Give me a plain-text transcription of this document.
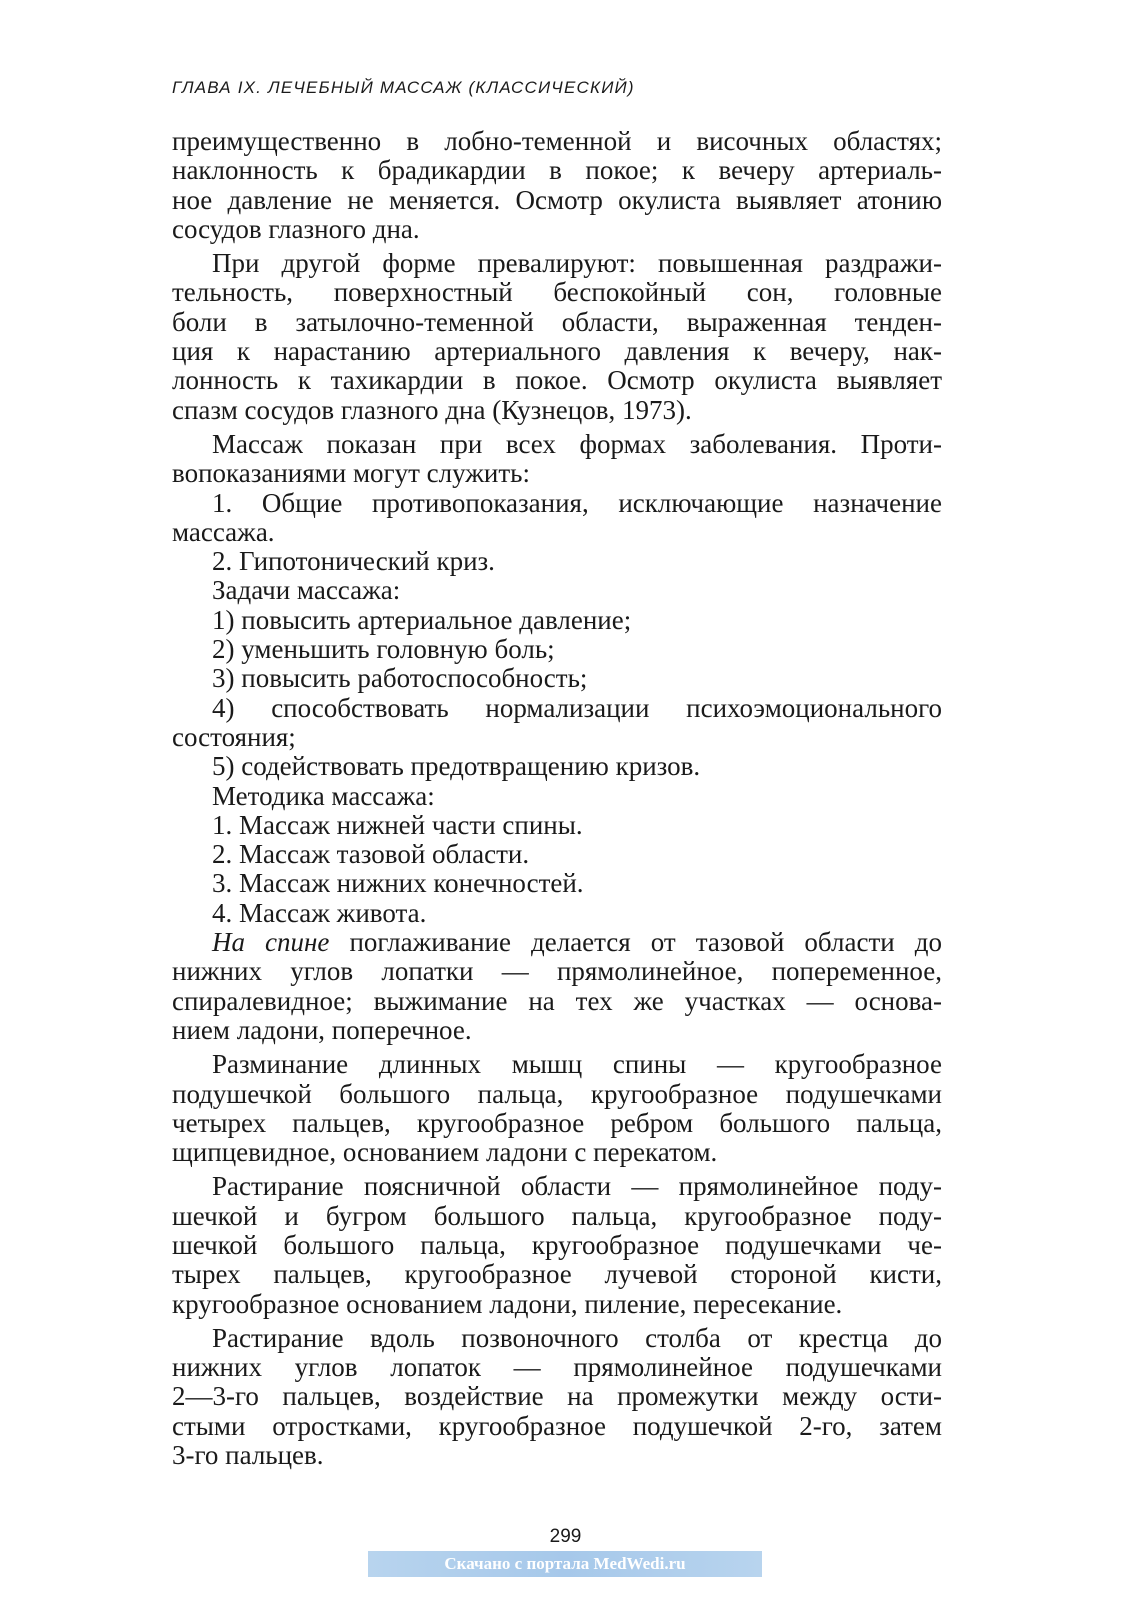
ГЛАВА IX. ЛЕЧЕБНЫЙ МАССАЖ (КЛАССИЧЕСКИЙ)
преимущественно в лобно-теменной и височных областях;
наклонность к брадикардии в покое; к вечеру артериаль-
ное давление не меняется. Осмотр окулиста выявляет атонию
сосудов глазного дна.
При другой форме превалируют: повышенная раздражи-
тельность, поверхностный беспокойный сон, головные
боли в затылочно-теменной области, выраженная тенден-
ция к нарастанию артериального давления к вечеру, нак-
лонность к тахикардии в покое. Осмотр окулиста выявляет
спазм сосудов глазного дна (Кузнецов, 1973).
Массаж показан при всех формах заболевания. Проти-
вопоказаниями могут служить:
1. Общие противопоказания, исключающие назначение
массажа.
2. Гипотонический криз.
Задачи массажа:
1) повысить артериальное давление;
2) уменьшить головную боль;
3) повысить работоспособность;
4) способствовать нормализации психоэмоционального
состояния;
5) содействовать предотвращению кризов.
Методика массажа:
1. Массаж нижней части спины.
2. Массаж тазовой области.
3. Массаж нижних конечностей.
4. Массаж живота.
На спине поглаживание делается от тазовой области до
нижних углов лопатки — прямолинейное, попеременное,
спиралевидное; выжимание на тех же участках — основа-
нием ладони, поперечное.
Разминание длинных мышц спины — кругообразное
подушечкой большого пальца, кругообразное подушечками
четырех пальцев, кругообразное ребром большого пальца,
щипцевидное, основанием ладони с перекатом.
Растирание поясничной области — прямолинейное поду-
шечкой и бугром большого пальца, кругообразное поду-
шечкой большого пальца, кругообразное подушечками че-
тырех пальцев, кругообразное лучевой стороной кисти,
кругообразное основанием ладони, пиление, пересекание.
Растирание вдоль позвоночного столба от крестца до
нижних углов лопаток — прямолинейное подушечками
2—3-го пальцев, воздействие на промежутки между ости-
стыми отростками, кругообразное подушечкой 2-го, затем
3-го пальцев.
299
Скачано с портала MedWedi.ru
